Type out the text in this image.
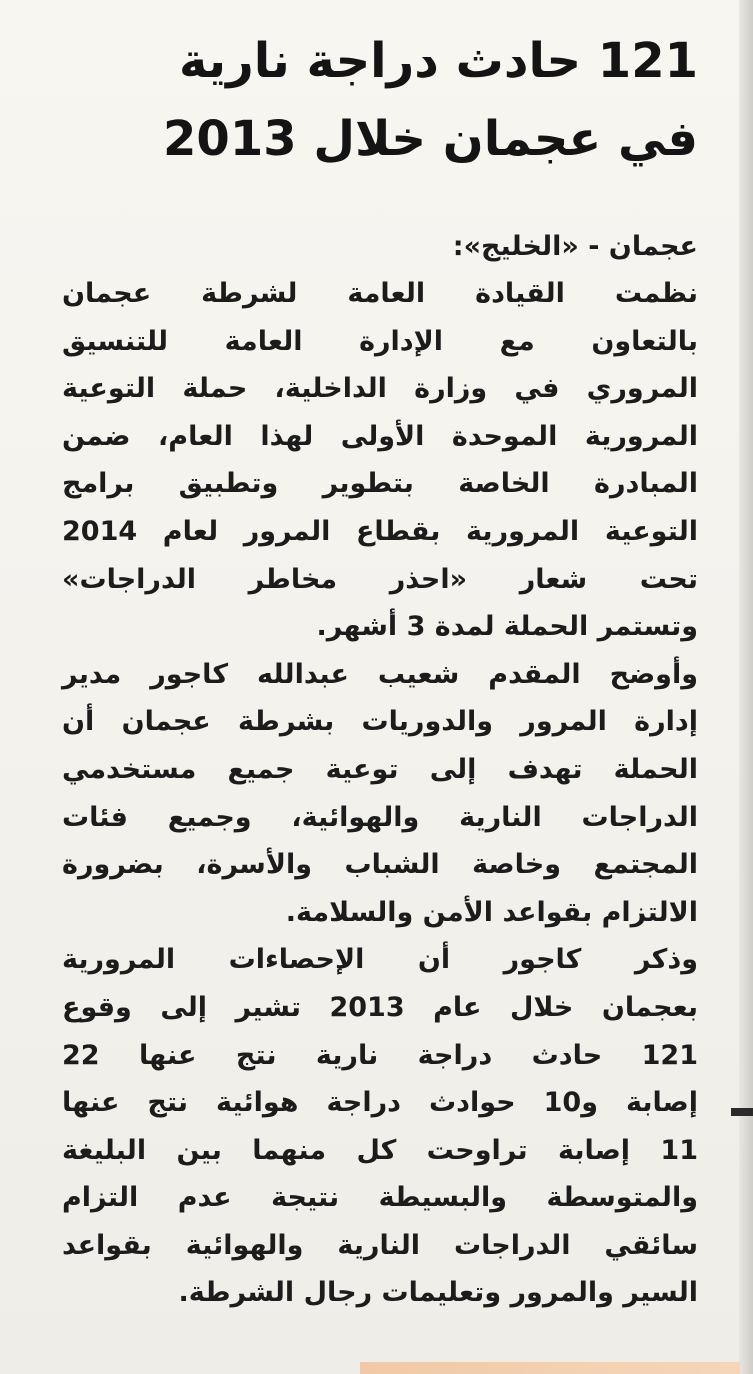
121 حادث دراجة نارية
في عجمان خلال 2013
عجمان - «الخليج»:
نظمت القيادة العامة لشرطة عجمان
بالتعاون مع الإدارة العامة للتنسيق
المروري في وزارة الداخلية، حملة التوعية
المرورية الموحدة الأولى لهذا العام، ضمن
المبادرة الخاصة بتطوير وتطبيق برامج
التوعية المرورية بقطاع المرور لعام 2014
تحت شعار «احذر مخاطر الدراجات»
وتستمر الحملة لمدة 3 أشهر.
وأوضح المقدم شعيب عبدالله كاجور مدير
إدارة المرور والدوريات بشرطة عجمان أن
الحملة تهدف إلى توعية جميع مستخدمي
الدراجات النارية والهوائية، وجميع فئات
المجتمع وخاصة الشباب والأسرة، بضرورة
الالتزام بقواعد الأمن والسلامة.
وذكر كاجور أن الإحصاءات المرورية
بعجمان خلال عام 2013 تشير إلى وقوع
121 حادث دراجة نارية نتج عنها 22
إصابة و10 حوادث دراجة هوائية نتج عنها
11 إصابة تراوحت كل منهما بين البليغة
والمتوسطة والبسيطة نتيجة عدم التزام
سائقي الدراجات النارية والهوائية بقواعد
السير والمرور وتعليمات رجال الشرطة.
